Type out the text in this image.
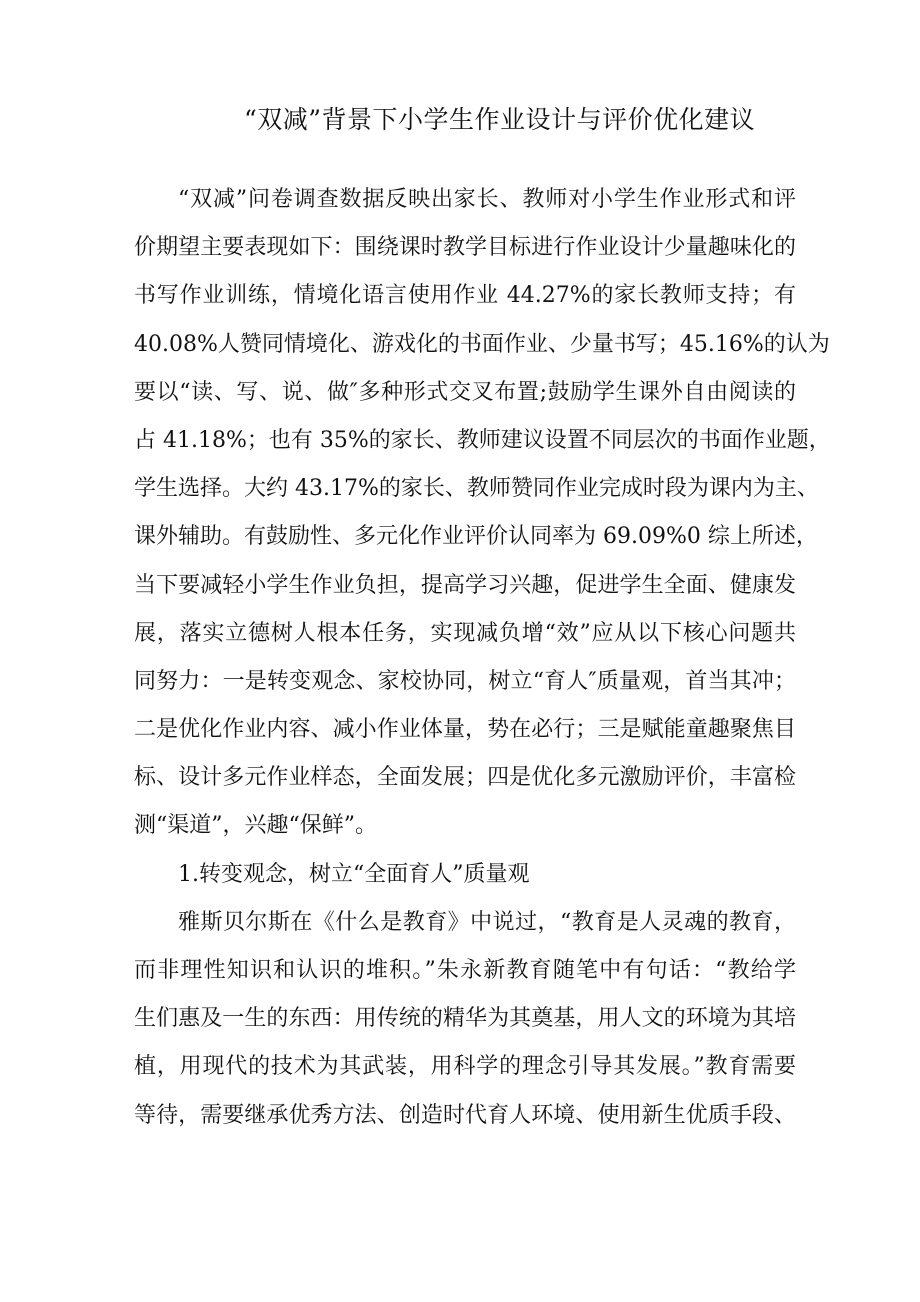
“双减”背景下小学生作业设计与评价优化建议
“双减”问卷调查数据反映出家长、教师对小学生作业形式和评
价期望主要表现如下：围绕课时教学目标进行作业设计少量趣味化的
书写作业训练，情境化语言使用作业 44.27%的家长教师支持；有
40.08%人赞同情境化、游戏化的书面作业、少量书写；45.16%的认为
要以“读、写、说、做″多种形式交叉布置;鼓励学生课外自由阅读的
占 41.18%；也有 35%的家长、教师建议设置不同层次的书面作业题，
学生选择。大约 43.17%的家长、教师赞同作业完成时段为课内为主、
课外辅助。有鼓励性、多元化作业评价认同率为 69.09%0 综上所述，
当下要减轻小学生作业负担，提高学习兴趣，促进学生全面、健康发
展，落实立德树人根本任务，实现减负增“效”应从以下核心问题共
同努力：一是转变观念、家校协同，树立“育人″质量观，首当其冲；
二是优化作业内容、减小作业体量，势在必行；三是赋能童趣聚焦目
标、设计多元作业样态，全面发展；四是优化多元激励评价，丰富检
测“渠道”，兴趣“保鲜”。
1.转变观念，树立“全面育人”质量观
雅斯贝尔斯在《什么是教育》中说过，“教育是人灵魂的教育，
而非理性知识和认识的堆积。”朱永新教育随笔中有句话：“教给学
生们惠及一生的东西：用传统的精华为其奠基，用人文的环境为其培
植，用现代的技术为其武装，用科学的理念引导其发展。”教育需要
等待，需要继承优秀方法、创造时代育人环境、使用新生优质手段、
